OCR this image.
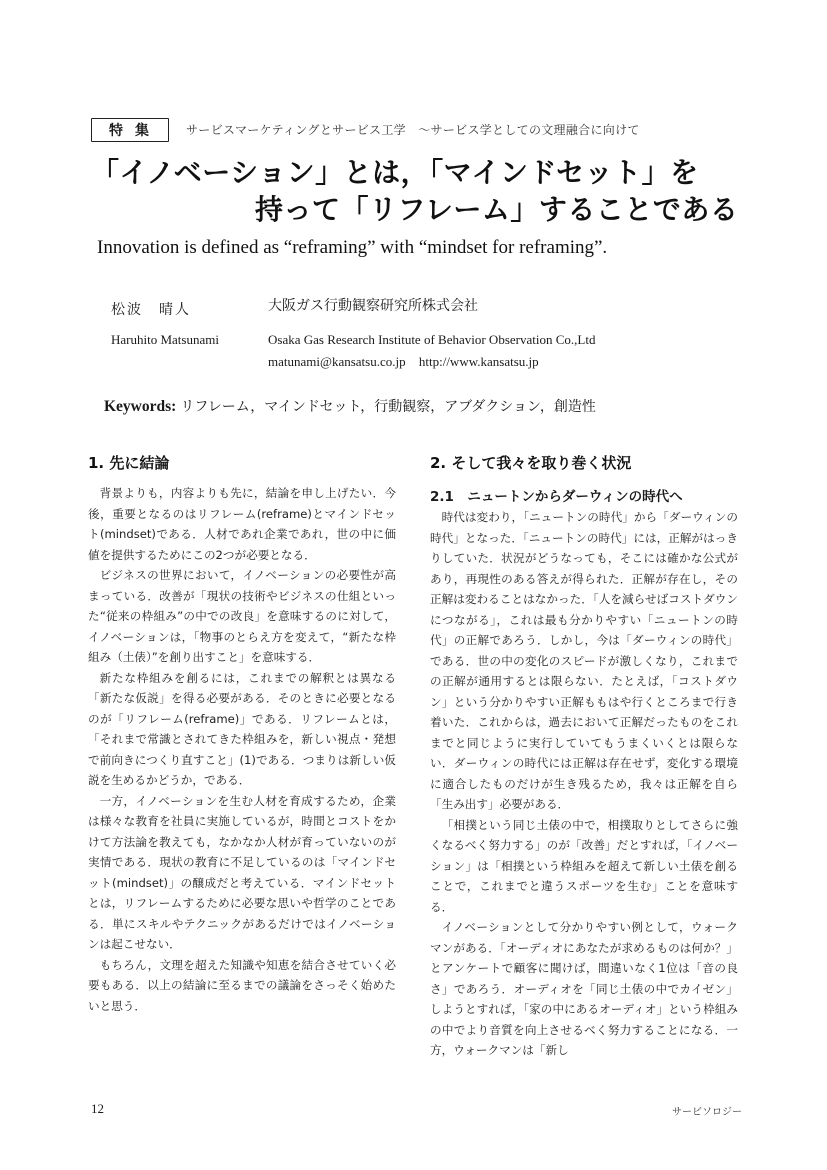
特集	サービスマーケティングとサービス工学　～サービス学としての文理融合に向けて
「イノベーション」とは，「マインドセット」を
持って「リフレーム」することである
Innovation is defined as “reframing” with “mindset for reframing”.
松波　晴人	大阪ガス行動観察研究所株式会社
Haruhito Matsunami	Osaka Gas Research Institute of Behavior Observation Co.,Ltd
matunami@kansatsu.co.jp http://www.kansatsu.jp
Keywords: リフレーム，マインドセット，行動観察，アブダクション，創造性
1. 先に結論

背景よりも，内容よりも先に，結論を申し上げたい．今後，重要となるのはリフレーム(reframe)とマインドセット(mindset)である．人材であれ企業であれ，世の中に価値を提供するためにこの2つが必要となる．

ビジネスの世界において，イノベーションの必要性が高まっている．改善が「現状の技術やビジネスの仕組といった“従来の枠組み”の中での改良」を意味するのに対して，イノベーションは，「物事のとらえ方を変えて，“新たな枠組み（土俵）”を創り出すこと」を意味する．

新たな枠組みを創るには，これまでの解釈とは異なる「新たな仮説」を得る必要がある．そのときに必要となるのが「リフレーム(reframe)」である．リフレームとは，「それまで常識とされてきた枠組みを，新しい視点・発想で前向きにつくり直すこと」(1)である．つまりは新しい仮説を生めるかどうか，である．

一方，イノベーションを生む人材を育成するため，企業は様々な教育を社員に実施しているが，時間とコストをかけて方法論を教えても，なかなか人材が育っていないのが実情である．現状の教育に不足しているのは「マインドセット(mindset)」の醸成だと考えている．マインドセットとは，リフレームするために必要な思いや哲学のことである．単にスキルやテクニックがあるだけではイノベーションは起こせない．

もちろん，文理を超えた知識や知恵を結合させていく必要もある．以上の結論に至るまでの議論をさっそく始めたいと思う．

2. そして我々を取り巻く状況
2.1　ニュートンからダーウィンの時代へ

時代は変わり，「ニュートンの時代」から「ダーウィンの時代」となった．「ニュートンの時代」には，正解がはっきりしていた．状況がどうなっても，そこには確かな公式があり，再現性のある答えが得られた．正解が存在し，その正解は変わることはなかった．「人を減らせばコストダウンにつながる」，これは最も分かりやすい「ニュートンの時代」の正解であろう．しかし，今は「ダーウィンの時代」である．世の中の変化のスピードが激しくなり，これまでの正解が通用するとは限らない．たとえば，「コストダウン」という分かりやすい正解ももはや行くところまで行き着いた．これからは，過去において正解だったものをこれまでと同じように実行していてもうまくいくとは限らない．ダーウィンの時代には正解は存在せず，変化する環境に適合したものだけが生き残るため，我々は正解を自ら「生み出す」必要がある．

「相撲という同じ土俵の中で，相撲取りとしてさらに強くなるべく努力する」のが「改善」だとすれば，「イノベーション」は「相撲という枠組みを超えて新しい土俵を創ることで，これまでと違うスポーツを生む」ことを意味する．

イノベーションとして分かりやすい例として，ウォークマンがある．「オーディオにあなたが求めるものは何か？」とアンケートで顧客に聞けば，間違いなく1位は「音の良さ」であろう．オーディオを「同じ土俵の中でカイゼン」しようとすれば，「家の中にあるオーディオ」という枠組みの中でより音質を向上させるべく努力することになる．一方，ウォークマンは「新し

12	サービソロジー
